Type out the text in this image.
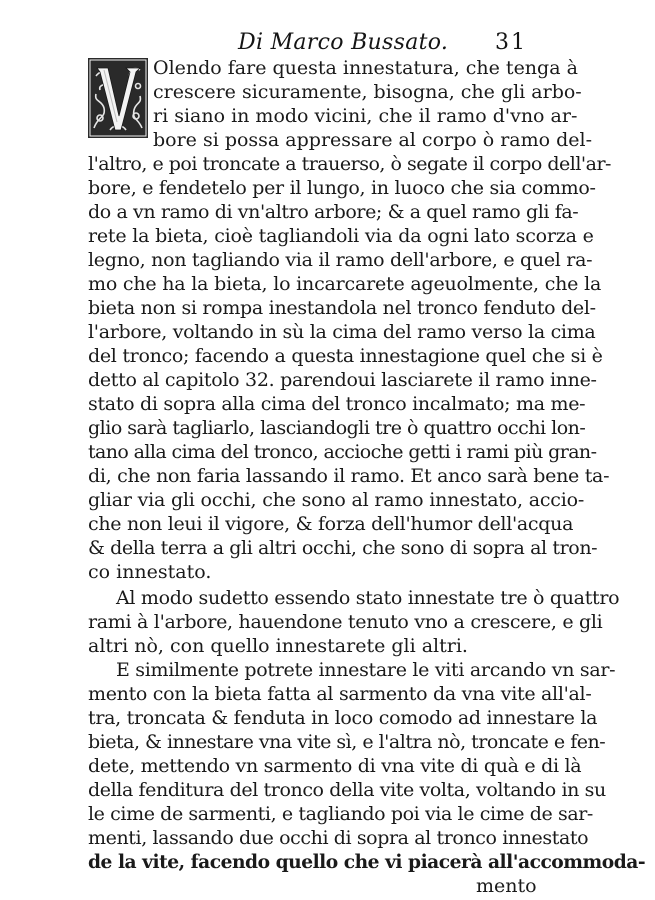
Di Marco Bussato. 31
Olendo fare questa innestatura, che tenga à
crescere sicuramente, bisogna, che gli arbo-
ri siano in modo vicini, che il ramo d'vno ar-
bore si possa appressare al corpo ò ramo del-
l'altro, e poi troncate a trauerso, ò segate il corpo dell'ar-
bore, e fendetelo per il lungo, in luoco che sia commo-
do a vn ramo di vn'altro arbore; & a quel ramo gli fa-
rete la bieta, cioè tagliandoli via da ogni lato scorza e
legno, non tagliando via il ramo dell'arbore, e quel ra-
mo che ha la bieta, lo incarcarete ageuolmente, che la
bieta non si rompa inestandola nel tronco fenduto del-
l'arbore, voltando in sù la cima del ramo verso la cima
del tronco; facendo a questa innestagione quel che si è
detto al capitolo 32. parendoui lasciarete il ramo inne-
stato di sopra alla cima del tronco incalmato; ma me-
glio sarà tagliarlo, lasciandogli tre ò quattro occhi lon-
tano alla cima del tronco, accioche getti i rami più gran-
di, che non faria lassando il ramo. Et anco sarà bene ta-
gliar via gli occhi, che sono al ramo innestato, accio-
che non leui il vigore, & forza dell'humor dell'acqua
& della terra a gli altri occhi, che sono di sopra al tron-
co innestato.
Al modo sudetto essendo stato innestate tre ò quattro
rami à l'arbore, hauendone tenuto vno a crescere, e gli
altri nò, con quello innestarete gli altri.
E similmente potrete innestare le viti arcando vn sar-
mento con la bieta fatta al sarmento da vna vite all'al-
tra, troncata & fenduta in loco comodo ad innestare la
bieta, & innestare vna vite sì, e l'altra nò, troncate e fen-
dete, mettendo vn sarmento di vna vite di quà e di là
della fenditura del tronco della vite volta, voltando in su
le cime de sarmenti, e tagliando poi via le cime de sar-
menti, lassando due occhi di sopra al tronco innestato
de la vite, facendo quello che vi piacerà all'accommoda-
mento
